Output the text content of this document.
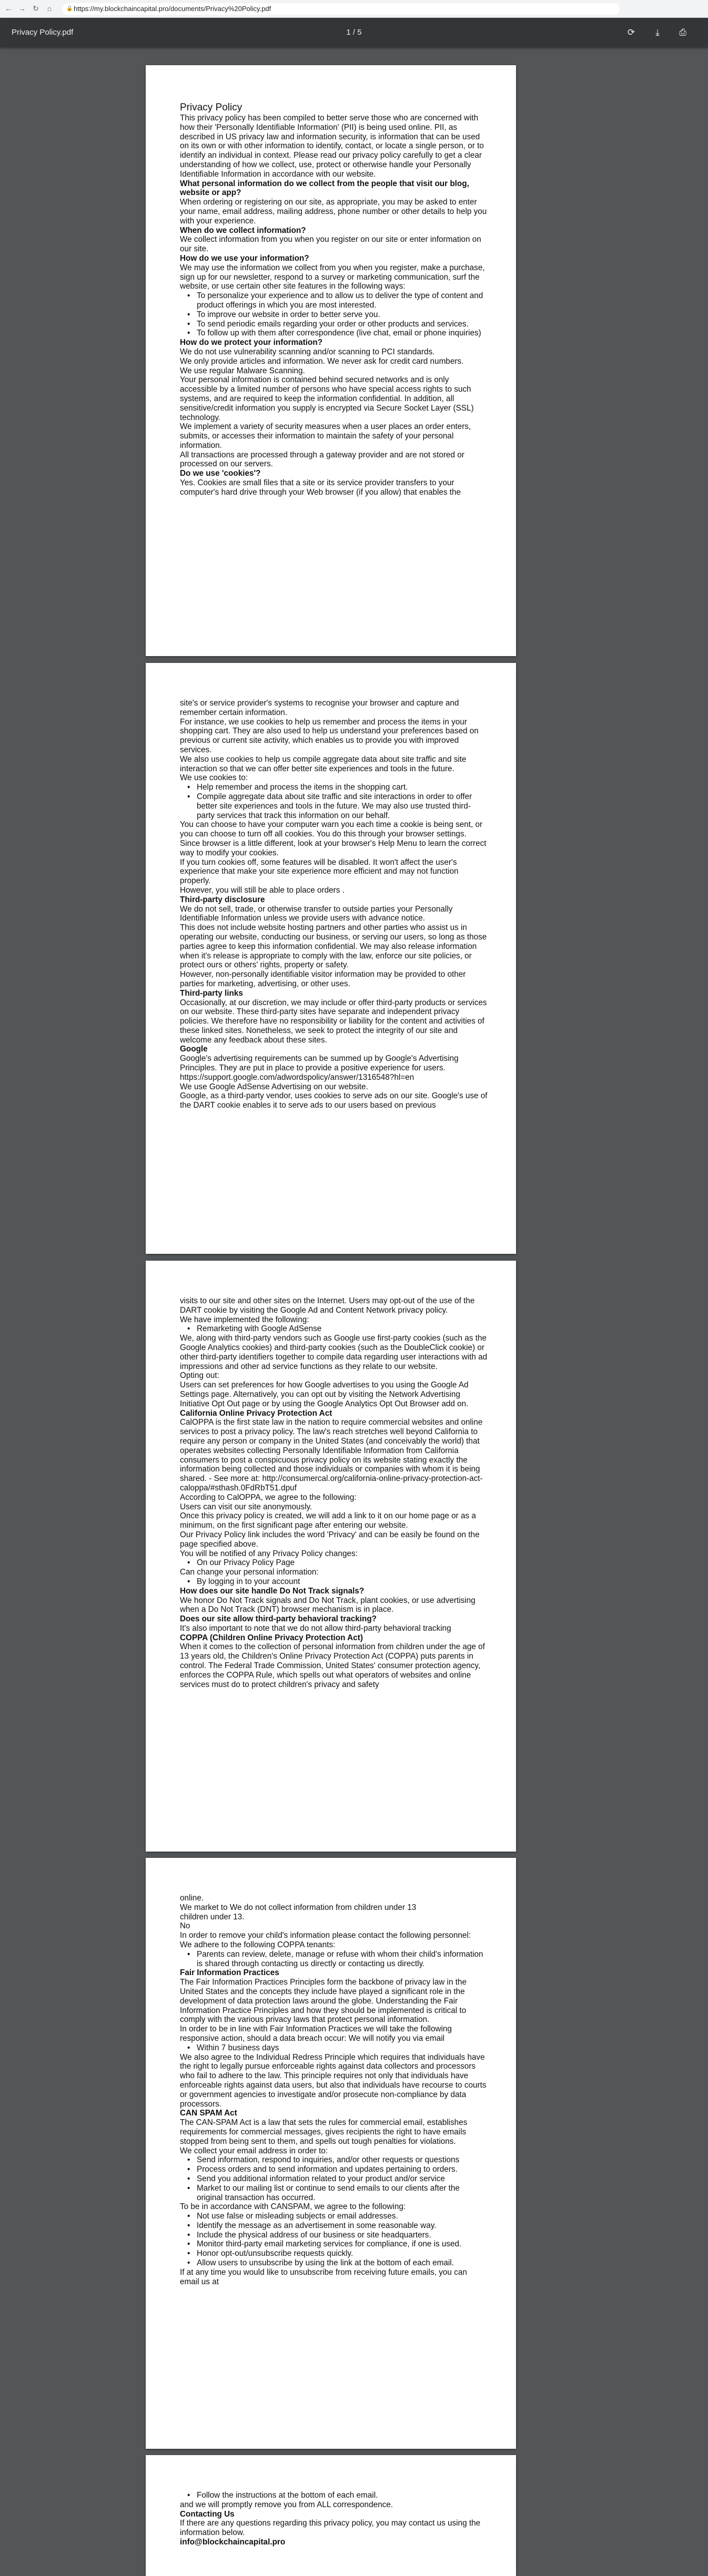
← → ↻ ⌂	🔒 https://my.blockchaincapital.pro/documents/Privacy%20Policy.pdf
Privacy Policy.pdf	1 / 5	⟳	⤓	⎙
Privacy Policy

This privacy policy has been compiled to better serve those who are concerned with how their 'Personally Identifiable Information' (PII) is being used online. PII, as described in US privacy law and information security, is information that can be used on its own or with other information to identify, contact, or locate a single person, or to identify an individual in context. Please read our privacy policy carefully to get a clear understanding of how we collect, use, protect or otherwise handle your Personally Identifiable Information in accordance with our website.

What personal information do we collect from the people that visit our blog, website or app?

When ordering or registering on our site, as appropriate, you may be asked to enter your name, email address, mailing address, phone number or other details to help you with your experience.

When do we collect information?

We collect information from you when you register on our site or enter information on our site.

How do we use your information?

We may use the information we collect from you when you register, make a purchase, sign up for our newsletter, respond to a survey or marketing communication, surf the website, or use certain other site features in the following ways:

• To personalize your experience and to allow us to deliver the type of content and product offerings in which you are most interested.

• To improve our website in order to better serve you.

• To send periodic emails regarding your order or other products and services.

• To follow up with them after correspondence (live chat, email or phone inquiries)

How do we protect your information?

We do not use vulnerability scanning and/or scanning to PCI standards.

We only provide articles and information. We never ask for credit card numbers.

We use regular Malware Scanning.

Your personal information is contained behind secured networks and is only accessible by a limited number of persons who have special access rights to such systems, and are required to keep the information confidential. In addition, all sensitive/credit information you supply is encrypted via Secure Socket Layer (SSL) technology.

We implement a variety of security measures when a user places an order enters, submits, or accesses their information to maintain the safety of your personal information.

All transactions are processed through a gateway provider and are not stored or processed on our servers.

Do we use 'cookies'?

Yes. Cookies are small files that a site or its service provider transfers to your computer's hard drive through your Web browser (if you allow) that enables the

site's or service provider's systems to recognise your browser and capture and remember certain information.

For instance, we use cookies to help us remember and process the items in your shopping cart. They are also used to help us understand your preferences based on previous or current site activity, which enables us to provide you with improved services.

We also use cookies to help us compile aggregate data about site traffic and site interaction so that we can offer better site experiences and tools in the future.

We use cookies to:

• Help remember and process the items in the shopping cart.

• Compile aggregate data about site traffic and site interactions in order to offer better site experiences and tools in the future. We may also use trusted third-party services that track this information on our behalf.

You can choose to have your computer warn you each time a cookie is being sent, or you can choose to turn off all cookies. You do this through your browser settings. Since browser is a little different, look at your browser's Help Menu to learn the correct way to modify your cookies.

If you turn cookies off, some features will be disabled. It won't affect the user's experience that make your site experience more efficient and may not function properly.

However, you will still be able to place orders .

Third-party disclosure

We do not sell, trade, or otherwise transfer to outside parties your Personally Identifiable Information unless we provide users with advance notice.

This does not include website hosting partners and other parties who assist us in operating our website, conducting our business, or serving our users, so long as those parties agree to keep this information confidential. We may also release information when it's release is appropriate to comply with the law, enforce our site policies, or protect ours or others' rights, property or safety.

However, non-personally identifiable visitor information may be provided to other parties for marketing, advertising, or other uses.

Third-party links

Occasionally, at our discretion, we may include or offer third-party products or services on our website. These third-party sites have separate and independent privacy policies. We therefore have no responsibility or liability for the content and activities of these linked sites. Nonetheless, we seek to protect the integrity of our site and welcome any feedback about these sites.

Google

Google's advertising requirements can be summed up by Google's Advertising Principles. They are put in place to provide a positive experience for users. https://support.google.com/adwordspolicy/answer/1316548?hl=en

We use Google AdSense Advertising on our website.

Google, as a third-party vendor, uses cookies to serve ads on our site. Google's use of the DART cookie enables it to serve ads to our users based on previous

visits to our site and other sites on the Internet. Users may opt-out of the use of the DART cookie by visiting the Google Ad and Content Network privacy policy.

We have implemented the following:

• Remarketing with Google AdSense

We, along with third-party vendors such as Google use first-party cookies (such as the Google Analytics cookies) and third-party cookies (such as the DoubleClick cookie) or other third-party identifiers together to compile data regarding user interactions with ad impressions and other ad service functions as they relate to our website.

Opting out:

Users can set preferences for how Google advertises to you using the Google Ad Settings page. Alternatively, you can opt out by visiting the Network Advertising Initiative Opt Out page or by using the Google Analytics Opt Out Browser add on.

California Online Privacy Protection Act

CalOPPA is the first state law in the nation to require commercial websites and online services to post a privacy policy. The law's reach stretches well beyond California to require any person or company in the United States (and conceivably the world) that operates websites collecting Personally Identifiable Information from California consumers to post a conspicuous privacy policy on its website stating exactly the information being collected and those individuals or companies with whom it is being shared. - See more at: http://consumercal.org/california-online-privacy-protection-act-caloppa/#sthash.0FdRbT51.dpuf

According to CalOPPA, we agree to the following:

Users can visit our site anonymously.

Once this privacy policy is created, we will add a link to it on our home page or as a minimum, on the first significant page after entering our website.

Our Privacy Policy link includes the word 'Privacy' and can be easily be found on the page specified above.

You will be notified of any Privacy Policy changes:

• On our Privacy Policy Page

Can change your personal information:

• By logging in to your account

How does our site handle Do Not Track signals?

We honor Do Not Track signals and Do Not Track, plant cookies, or use advertising when a Do Not Track (DNT) browser mechanism is in place.

Does our site allow third-party behavioral tracking?

It's also important to note that we do not allow third-party behavioral tracking

COPPA (Children Online Privacy Protection Act)

When it comes to the collection of personal information from children under the age of 13 years old, the Children's Online Privacy Protection Act (COPPA) puts parents in control. The Federal Trade Commission, United States' consumer protection agency, enforces the COPPA Rule, which spells out what operators of websites and online services must do to protect children's privacy and safety

online.

We market to We do not collect information from children under 13

children under 13.

No

In order to remove your child's information please contact the following personnel:

We adhere to the following COPPA tenants:

• Parents can review, delete, manage or refuse with whom their child's information is shared through contacting us directly or contacting us directly.

Fair Information Practices

The Fair Information Practices Principles form the backbone of privacy law in the United States and the concepts they include have played a significant role in the development of data protection laws around the globe. Understanding the Fair Information Practice Principles and how they should be implemented is critical to comply with the various privacy laws that protect personal information.

In order to be in line with Fair Information Practices we will take the following responsive action, should a data breach occur: We will notify you via email

• Within 7 business days

We also agree to the Individual Redress Principle which requires that individuals have the right to legally pursue enforceable rights against data collectors and processors who fail to adhere to the law. This principle requires not only that individuals have enforceable rights against data users, but also that individuals have recourse to courts or government agencies to investigate and/or prosecute non-compliance by data processors.

CAN SPAM Act

The CAN-SPAM Act is a law that sets the rules for commercial email, establishes requirements for commercial messages, gives recipients the right to have emails stopped from being sent to them, and spells out tough penalties for violations.

We collect your email address in order to:

• Send information, respond to inquiries, and/or other requests or questions

• Process orders and to send information and updates pertaining to orders.

• Send you additional information related to your product and/or service

• Market to our mailing list or continue to send emails to our clients after the original transaction has occurred.

To be in accordance with CANSPAM, we agree to the following:

• Not use false or misleading subjects or email addresses.

• Identify the message as an advertisement in some reasonable way.

• Include the physical address of our business or site headquarters.

• Monitor third-party email marketing services for compliance, if one is used.

• Honor opt-out/unsubscribe requests quickly.

• Allow users to unsubscribe by using the link at the bottom of each email.

If at any time you would like to unsubscribe from receiving future emails, you can email us at

• Follow the instructions at the bottom of each email.

and we will promptly remove you from ALL correspondence.

Contacting Us

If there are any questions regarding this privacy policy, you may contact us using the information below.

info@blockchaincapital.pro
